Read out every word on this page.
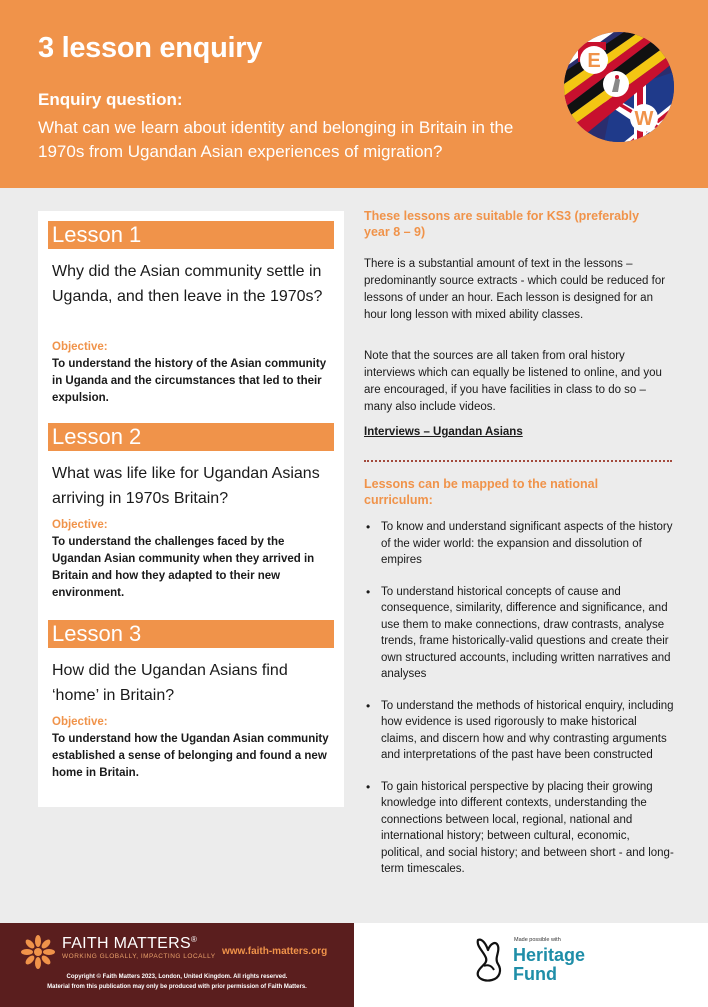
3 lesson enquiry
Enquiry question:
What can we learn about identity and belonging in Britain in the 1970s from Ugandan Asian experiences of migration?
E
W
Lesson 1
Why did the Asian community settle in Uganda, and then leave in the 1970s?
Objective:
To understand the history of the Asian community in Uganda and the circumstances that led to their expulsion.
Lesson 2
What was life like for Ugandan Asians arriving in 1970s Britain?
Objective:
To understand the challenges faced by the Ugandan Asian community when they arrived in Britain and how they adapted to their new environment.
Lesson 3
How did the Ugandan Asians find ‘home’ in Britain?
Objective:
To understand how the Ugandan Asian community established a sense of belonging and found a new home in Britain.
These lessons are suitable for KS3 (preferably year 8 – 9)
There is a substantial amount of text in the lessons – predominantly source extracts - which could be reduced for lessons of under an hour. Each lesson is designed for an hour long lesson with mixed ability classes.
Note that the sources are all taken from oral history interviews which can equally be listened to online, and you are encouraged, if you have facilities in class to do so – many also include videos.
Interviews – Ugandan Asians
Lessons can be mapped to the national curriculum:
• To know and understand significant aspects of the history of the wider world: the expansion and dissolution of empires
• To understand historical concepts of cause and consequence, similarity, difference and significance, and use them to make connections, draw contrasts, analyse trends, frame historically-valid questions and create their own structured accounts, including written narratives and analyses
• To understand the methods of historical enquiry, including how evidence is used rigorously to make historical claims, and discern how and why contrasting arguments and interpretations of the past have been constructed
• To gain historical perspective by placing their growing knowledge into different contexts, understanding the connections between local, regional, national and international history; between cultural, economic, political, and social history; and between short - and long-term timescales.
FAITH MATTERS®
WORKING GLOBALLY, IMPACTING LOCALLY www.faith-matters.org
Copyright © Faith Matters 2023, London, United Kingdom. All rights reserved.
Material from this publication may only be produced with prior permission of Faith Matters.
Made possible with
Heritage
Fund
